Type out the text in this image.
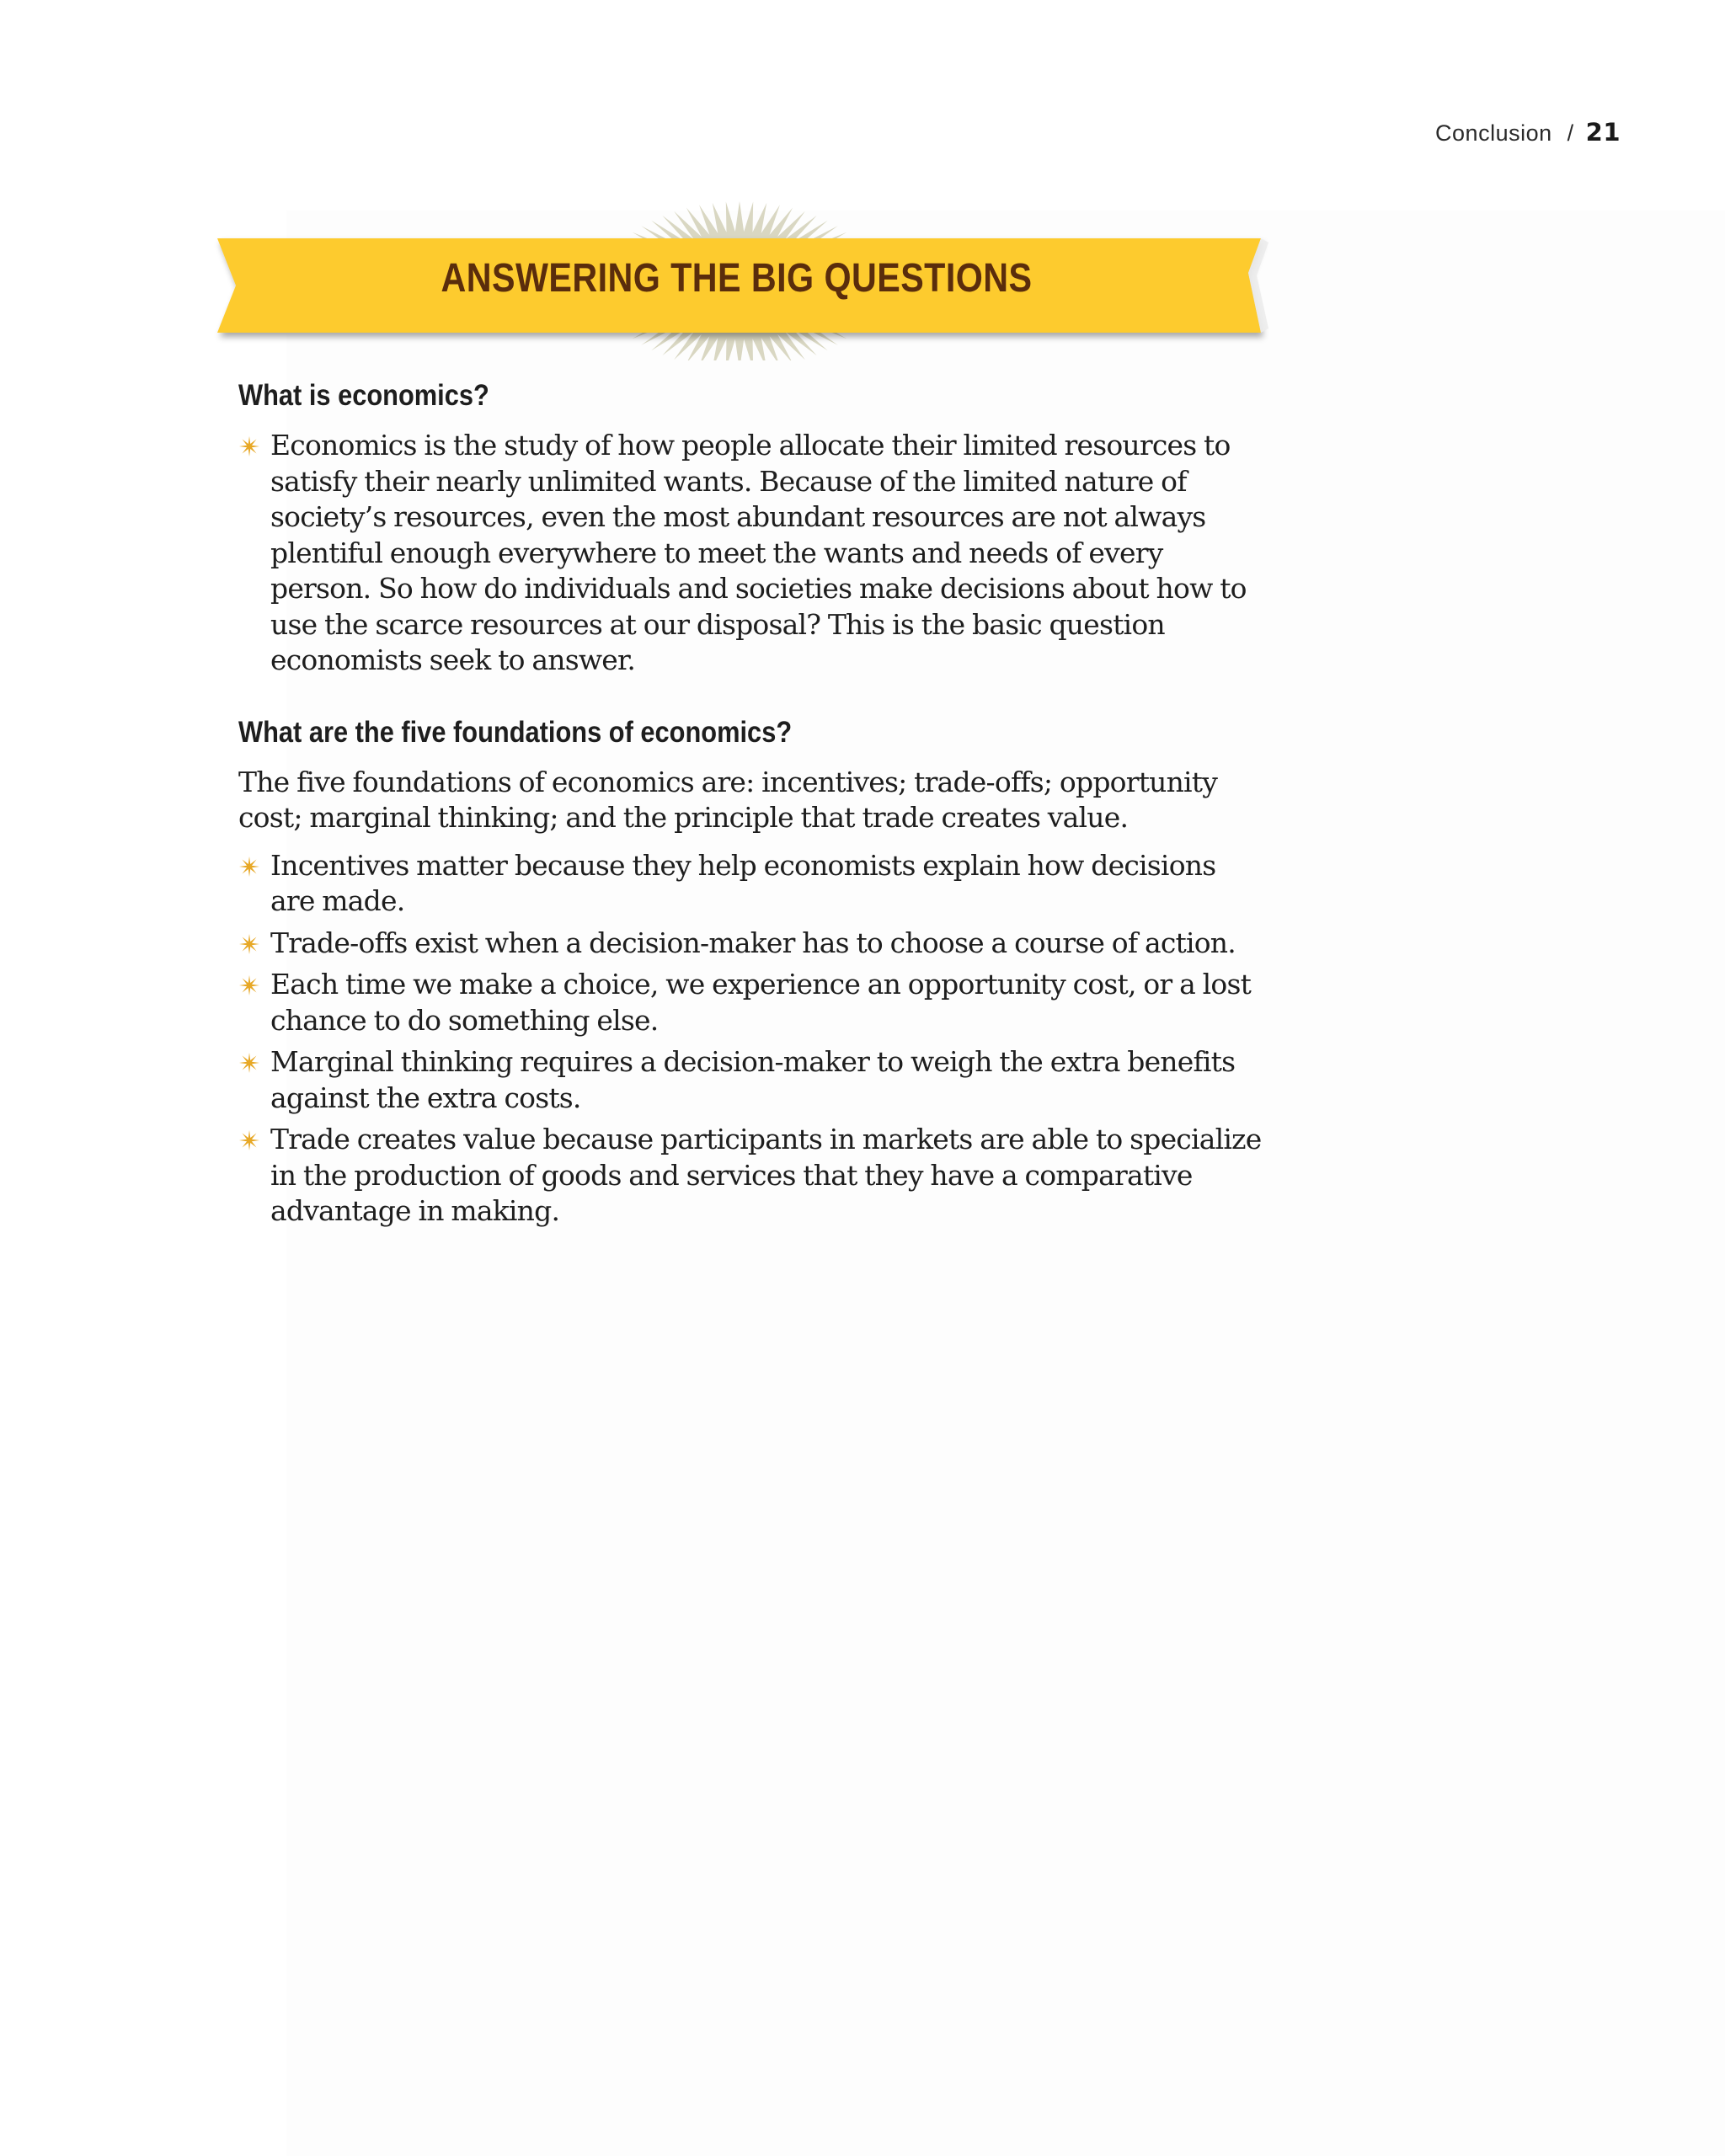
Conclusion / 21
ANSWERING THE BIG QUESTIONS
What is economics?
Economics is the study of how people allocate their limited resources to satisfy their nearly unlimited wants. Because of the limited nature of society’s resources, even the most abundant resources are not always plentiful enough everywhere to meet the wants and needs of every person. So how do individuals and societies make decisions about how to use the scarce resources at our disposal? This is the basic question economists seek to answer.
What are the five foundations of economics?

The five foundations of economics are: incentives; trade-offs; opportunity cost; marginal thinking; and the principle that trade creates value.

Incentives matter because they help economists explain how decisions are made.
Trade-offs exist when a decision-maker has to choose a course of action.
Each time we make a choice, we experience an opportunity cost, or a lost chance to do something else.
Marginal thinking requires a decision-maker to weigh the extra benefits against the extra costs.
Trade creates value because participants in markets are able to specialize in the production of goods and services that they have a comparative advantage in making.
